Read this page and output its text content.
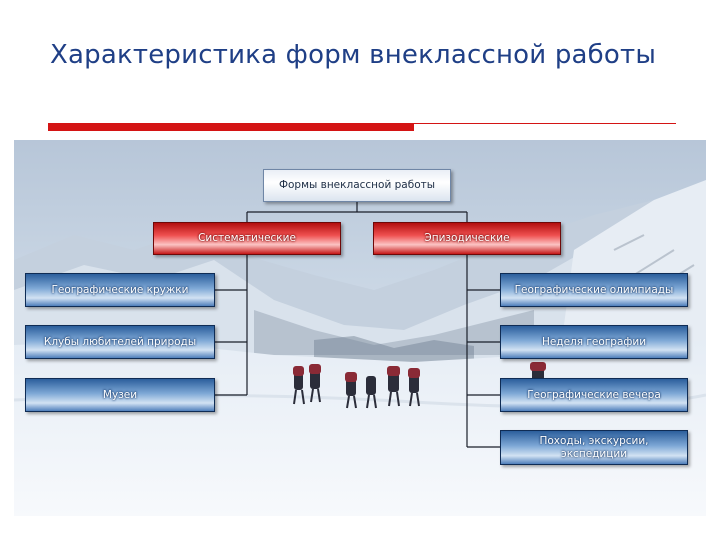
Характеристика форм внеклассной работы
Формы внеклассной работы
Систематические	Эпизодические
Географические кружки
Клубы любителей природы
Музеи
Географические олимпиады
Неделя географии
Географические вечера
Походы, экскурсии, экспедиции
